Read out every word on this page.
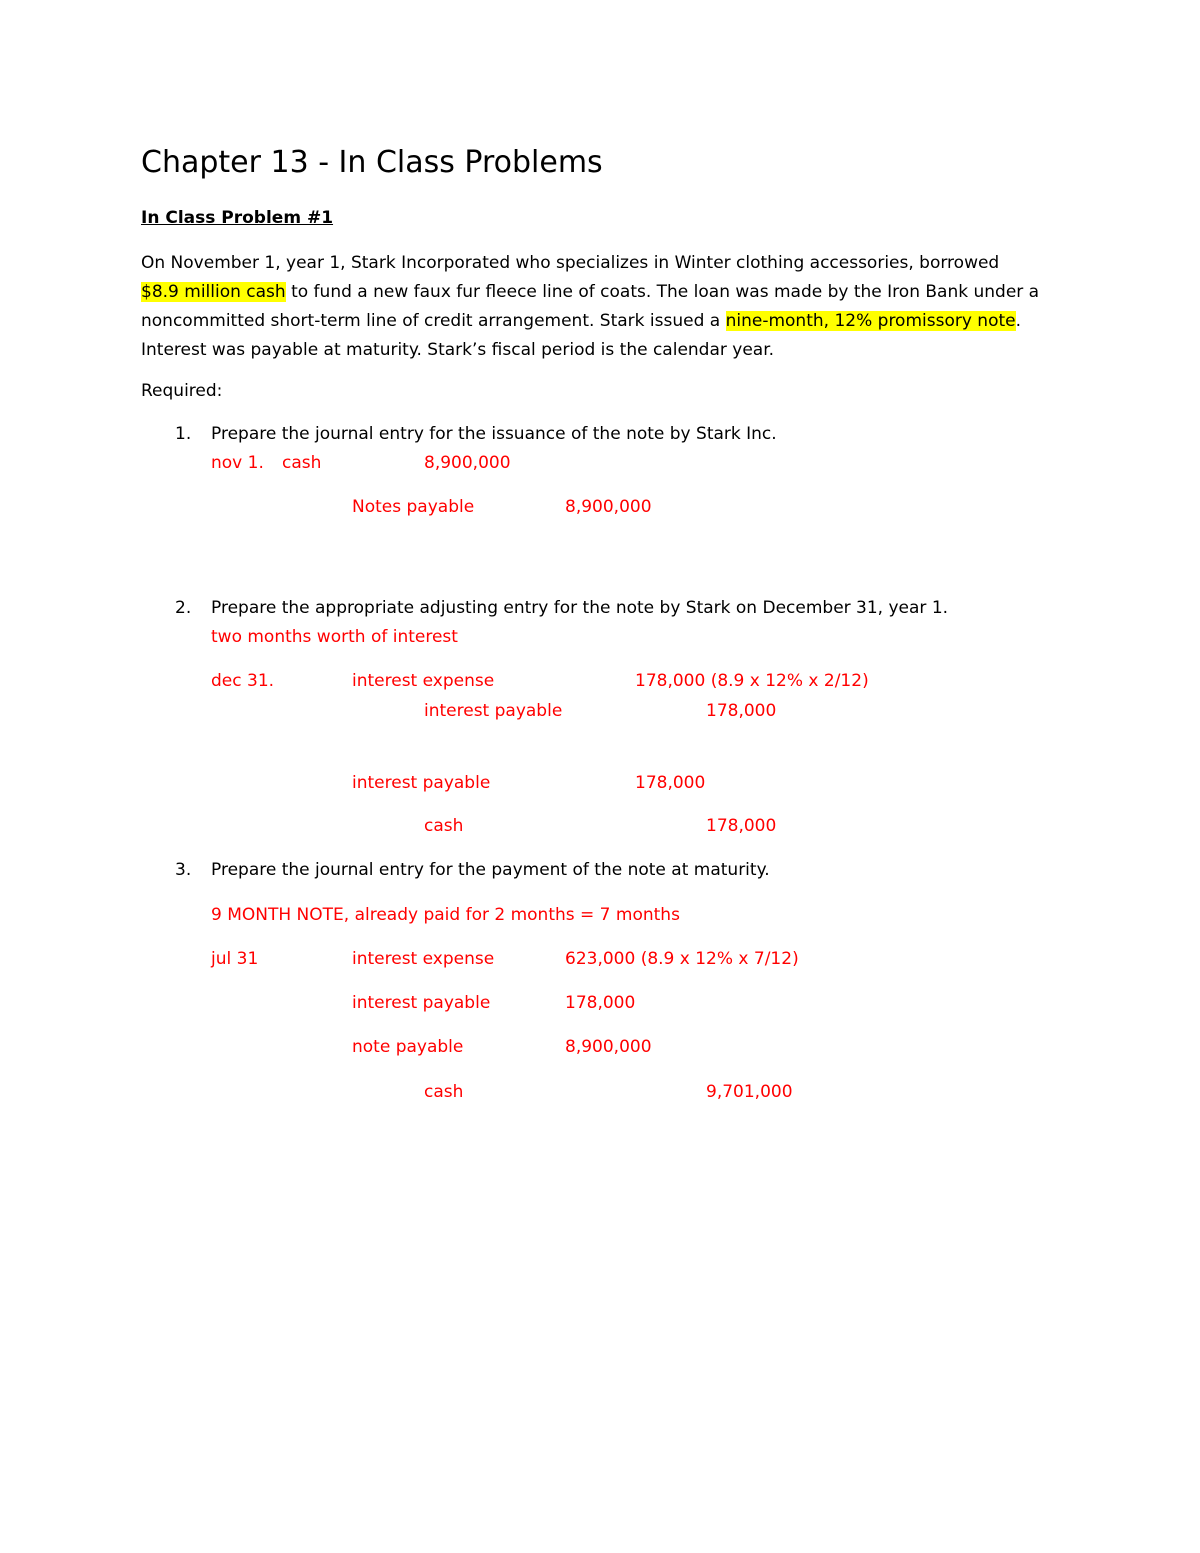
Chapter 13 - In Class Problems
In Class Problem #1
On November 1, year 1, Stark Incorporated who specializes in Winter clothing accessories, borrowed
$8.9 million cash to fund a new faux fur fleece line of coats. The loan was made by the Iron Bank under a
noncommitted short-term line of credit arrangement. Stark issued a nine-month, 12% promissory note.
Interest was payable at maturity. Stark’s fiscal period is the calendar year.
Required:
1. Prepare the journal entry for the issuance of the note by Stark Inc.
nov 1. cash	8,900,000
Notes payable	8,900,000
2. Prepare the appropriate adjusting entry for the note by Stark on December 31, year 1.
two months worth of interest
dec 31.	interest expense	178,000 (8.9 x 12% x 2/12)
interest payable	178,000
interest payable	178,000
cash	178,000
3. Prepare the journal entry for the payment of the note at maturity.
9 MONTH NOTE, already paid for 2 months = 7 months
jul 31	interest expense	623,000 (8.9 x 12% x 7/12)
interest payable	178,000
note payable	8,900,000
cash	9,701,000
